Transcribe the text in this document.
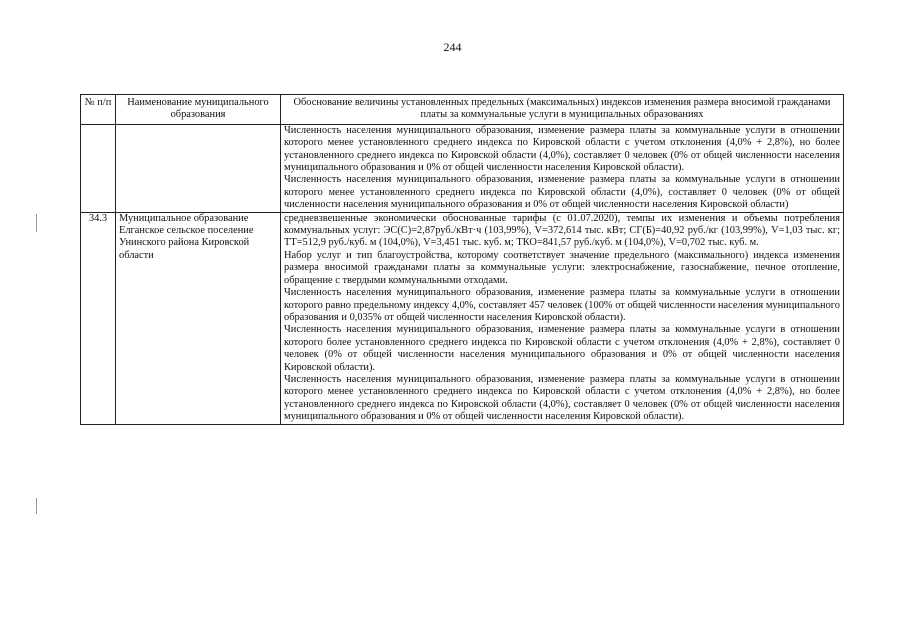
244
№ п/п	Наименование муниципального образования	Обоснование величины установленных предельных (максимальных) индексов изменения размера вносимой гражданами платы за коммунальные услуги в муниципальных образованиях

		Численность населения муниципального образования, изменение размера платы за коммунальные услуги в отношении которого менее установленного среднего индекса по Кировской области с учетом отклонения (4,0% + 2,8%), но более установленного среднего индекса по Кировской области (4,0%), составляет 0 человек (0% от общей численности населения муниципального образования и 0% от общей численности населения Кировской области).

Численность населения муниципального образования, изменение размера платы за коммунальные услуги в отношении которого менее установленного среднего индекса по Кировской области (4,0%), составляет 0 человек (0% от общей численности населения муниципального образования и 0% от общей численности населения Кировской области)

34.3	Муниципальное образование Елганское сельское поселение Унинского района Кировской области	средневзвешенные экономически обоснованные тарифы (с 01.07.2020), темпы их изменения и объемы потребления коммунальных услуг: ЭС(С)=2,87руб./кВт·ч (103,99%), V=372,614 тыс. кВт; СГ(Б)=40,92 руб./кг (103,99%), V=1,03 тыс. кг; ТТ=512,9 руб./куб. м (104,0%), V=3,451 тыс. куб. м; ТКО=841,57 руб./куб. м (104,0%), V=0,702 тыс. куб. м.

Набор услуг и тип благоустройства, которому соответствует значение предельного (максимального) индекса изменения размера вносимой гражданами платы за коммунальные услуги: электроснабжение, газоснабжение, печное отопление, обращение с твердыми коммунальными отходами.

Численность населения муниципального образования, изменение размера платы за коммунальные услуги в отношении которого равно предельному индексу 4,0%, составляет 457 человек (100% от общей численности населения муниципального образования и 0,035% от общей численности населения Кировской области).

Численность населения муниципального образования, изменение размера платы за коммунальные услуги в отношении которого более установленного среднего индекса по Кировской области с учетом отклонения (4,0% + 2,8%), составляет 0 человек (0% от общей численности населения муниципального образования и 0% от общей численности населения Кировской области).

Численность населения муниципального образования, изменение размера платы за коммунальные услуги в отношении которого менее установленного среднего индекса по Кировской области с учетом отклонения (4,0% + 2,8%), но более установленного среднего индекса по Кировской области (4,0%), составляет 0 человек (0% от общей численности населения муниципального образования и 0% от общей численности населения Кировской области).
